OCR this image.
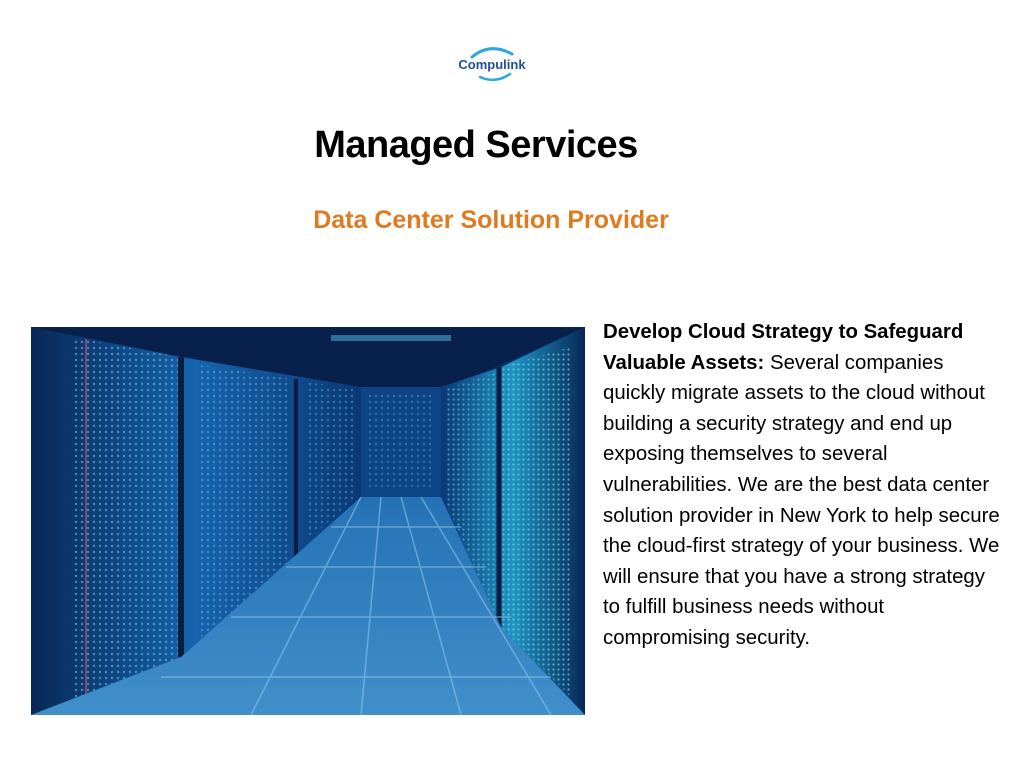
Compulink
Managed Services
Data Center Solution Provider

Develop Cloud Strategy to Safeguard Valuable Assets: Several companies quickly migrate assets to the cloud without building a security strategy and end up exposing themselves to several vulnerabilities. We are the best data center solution provider in New York to help secure the cloud-first strategy of your business. We will ensure that you have a strong strategy to fulfill business needs without compromising security.
